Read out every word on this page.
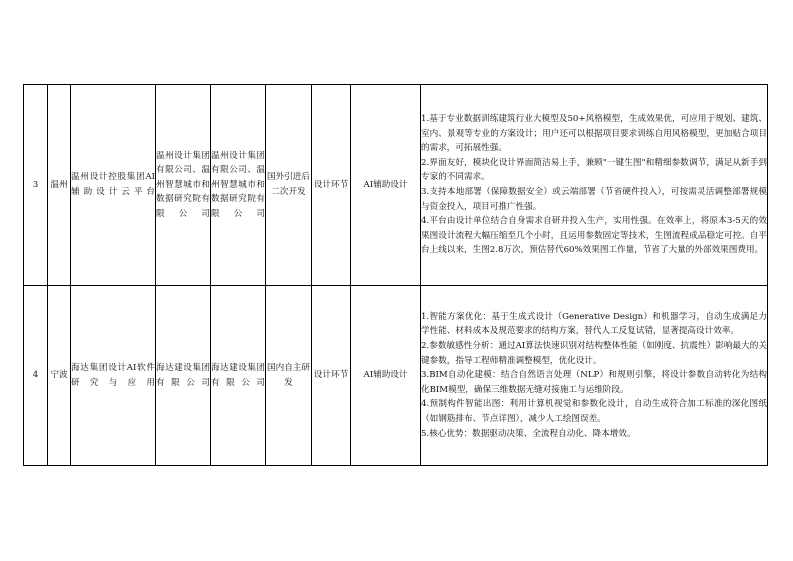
3	温州	温州设计控股集团AI辅助设计云平台	温州设计集团有限公司、温州智慧城市和数据研究院有限公司	温州设计集团有限公司、温州智慧城市和数据研究院有限公司	国外引进后二次开发	设计环节	AI辅助设计	1.基于专业数据训练建筑行业大模型及50+风格模型，生成效果优，可应用于规划、建筑、室内、景观等专业的方案设计；用户还可以根据项目要求训练自用风格模型，更加贴合项目的需求，可拓展性强。
2.界面友好，模块化设计界面简洁易上手，兼顾"一键生图"和精细参数调节，满足从新手到专家的不同需求。
3.支持本地部署（保障数据安全）或云端部署（节省硬件投入），可按需灵活调整部署规模与资金投入，项目可推广性强。
4.平台由设计单位结合自身需求自研并投入生产，实用性强。在效率上，将原本3-5天的效果图设计流程大幅压缩至几个小时，且运用参数固定等技术，生图流程成品稳定可控。自平台上线以来，生图2.8万次，预估替代60%效果图工作量，节省了大量的外部效果图费用。

4	宁波	海达集团设计AI软件研究与应用	海达建设集团有限公司	海达建设集团有限公司	国内自主研发	设计环节	AI辅助设计	1.智能方案优化：基于生成式设计（Generative Design）和机器学习，自动生成满足力学性能、材料成本及规范要求的结构方案，替代人工反复试错，显著提高设计效率。
2.参数敏感性分析：通过AI算法快速识别对结构整体性能（如刚度、抗震性）影响最大的关键参数，指导工程师精准调整模型，优化设计。
3.BIM自动化建模：结合自然语言处理（NLP）和规则引擎，将设计参数自动转化为结构化BIM模型，确保三维数据无缝对接施工与运维阶段。
4.预制构件智能出图：利用计算机视觉和参数化设计，自动生成符合加工标准的深化图纸（如钢筋排布、节点详图），减少人工绘图误差。
5.核心优势：数据驱动决策、全流程自动化、降本增效。
